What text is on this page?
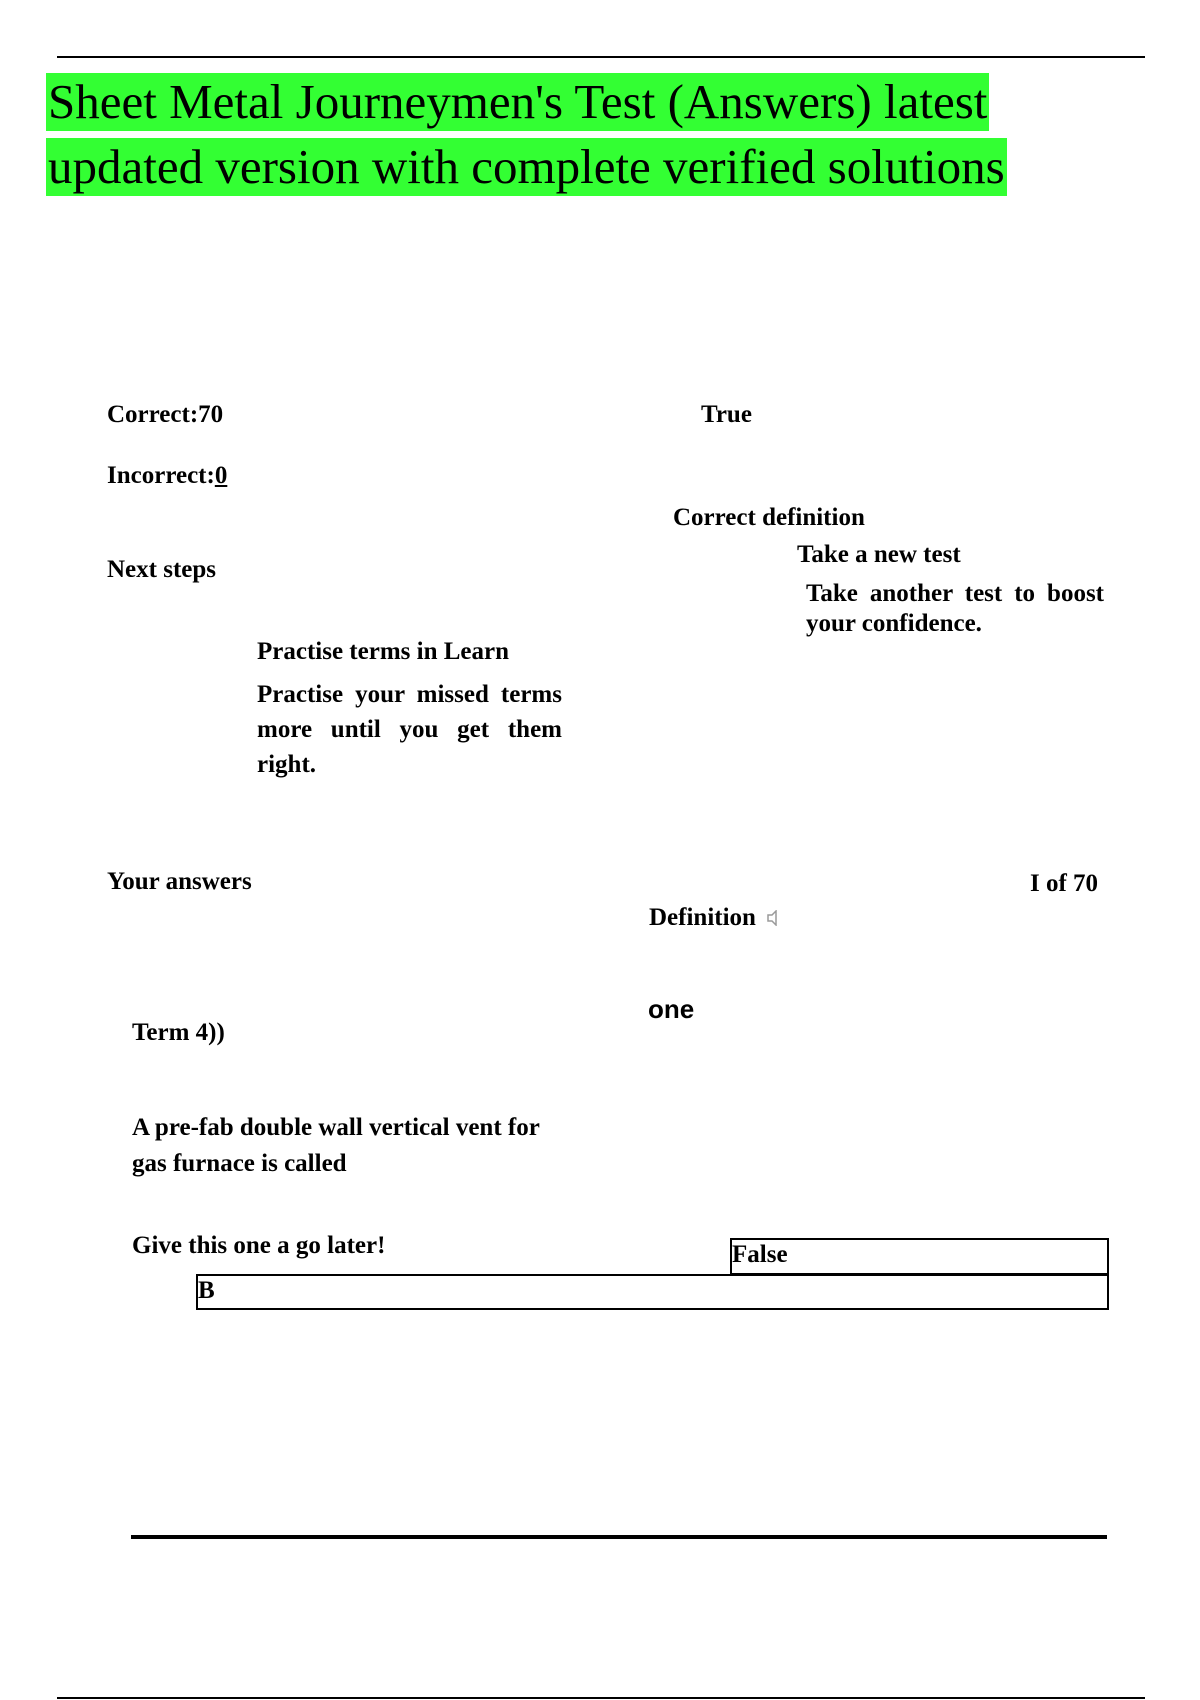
Sheet Metal Journeymen's Test (Answers) latest
updated version with complete verified solutions
Correct:70	True
Incorrect:0
Correct definition
Next steps
Take a new test
Take another test to boost your confidence.
Practise terms in Learn
Practise your missed terms more until you get them right.
Your answers	I of 70
Definition
one
Term 4))
A pre-fab double wall vertical vent for gas furnace is called
Give this one a go later!	False
B
